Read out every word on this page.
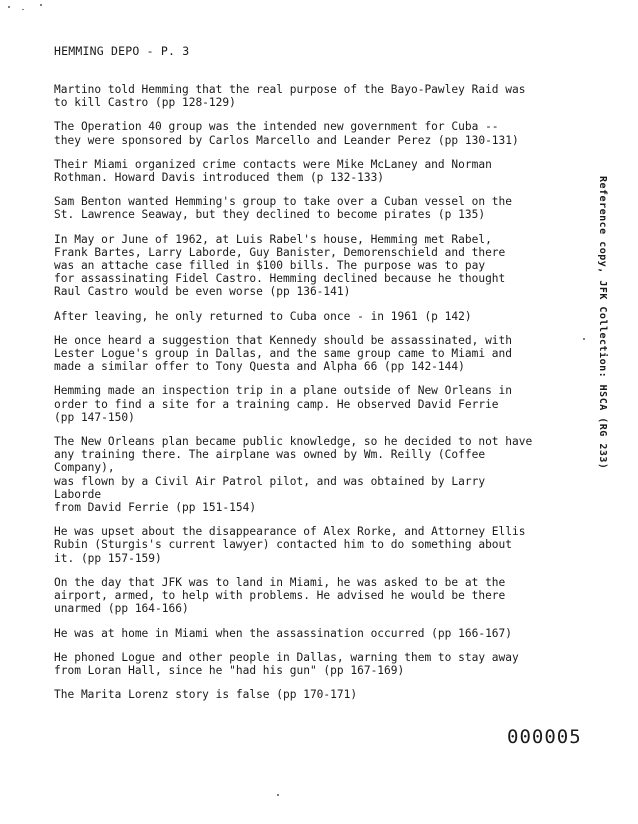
HEMMING DEPO - P. 3

Martino told Hemming that the real purpose of the Bayo-Pawley Raid was
to kill Castro (pp 128-129)

The Operation 40 group was the intended new government for Cuba --
they were sponsored by Carlos Marcello and Leander Perez (pp 130-131)

Their Miami organized crime contacts were Mike McLaney and Norman
Rothman. Howard Davis introduced them (p 132-133)

Sam Benton wanted Hemming's group to take over a Cuban vessel on the
St. Lawrence Seaway, but they declined to become pirates (p 135)

In May or June of 1962, at Luis Rabel's house, Hemming met Rabel,
Frank Bartes, Larry Laborde, Guy Banister, Demorenschield and there
was an attache case filled in $100 bills. The purpose was to pay
for assassinating Fidel Castro. Hemming declined because he thought
Raul Castro would be even worse (pp 136-141)

After leaving, he only returned to Cuba once - in 1961 (p 142)

He once heard a suggestion that Kennedy should be assassinated, with
Lester Logue's group in Dallas, and the same group came to Miami and
made a similar offer to Tony Questa and Alpha 66 (pp 142-144)

Hemming made an inspection trip in a plane outside of New Orleans in
order to find a site for a training camp. He observed David Ferrie
(pp 147-150)

The New Orleans plan became public knowledge, so he decided to not have
any training there. The airplane was owned by Wm. Reilly (Coffee Company),
was flown by a Civil Air Patrol pilot, and was obtained by Larry Laborde
from David Ferrie (pp 151-154)

He was upset about the disappearance of Alex Rorke, and Attorney Ellis
Rubin (Sturgis's current lawyer) contacted him to do something about
it. (pp 157-159)

On the day that JFK was to land in Miami, he was asked to be at the
airport, armed, to help with problems. He advised he would be there
unarmed (pp 164-166)

He was at home in Miami when the assassination occurred (pp 166-167)

He phoned Logue and other people in Dallas, warning them to stay away
from Loran Hall, since he "had his gun" (pp 167-169)

The Marita Lorenz story is false (pp 170-171)

Reference copy, JFK Collection: HSCA (RG 233)
000005
